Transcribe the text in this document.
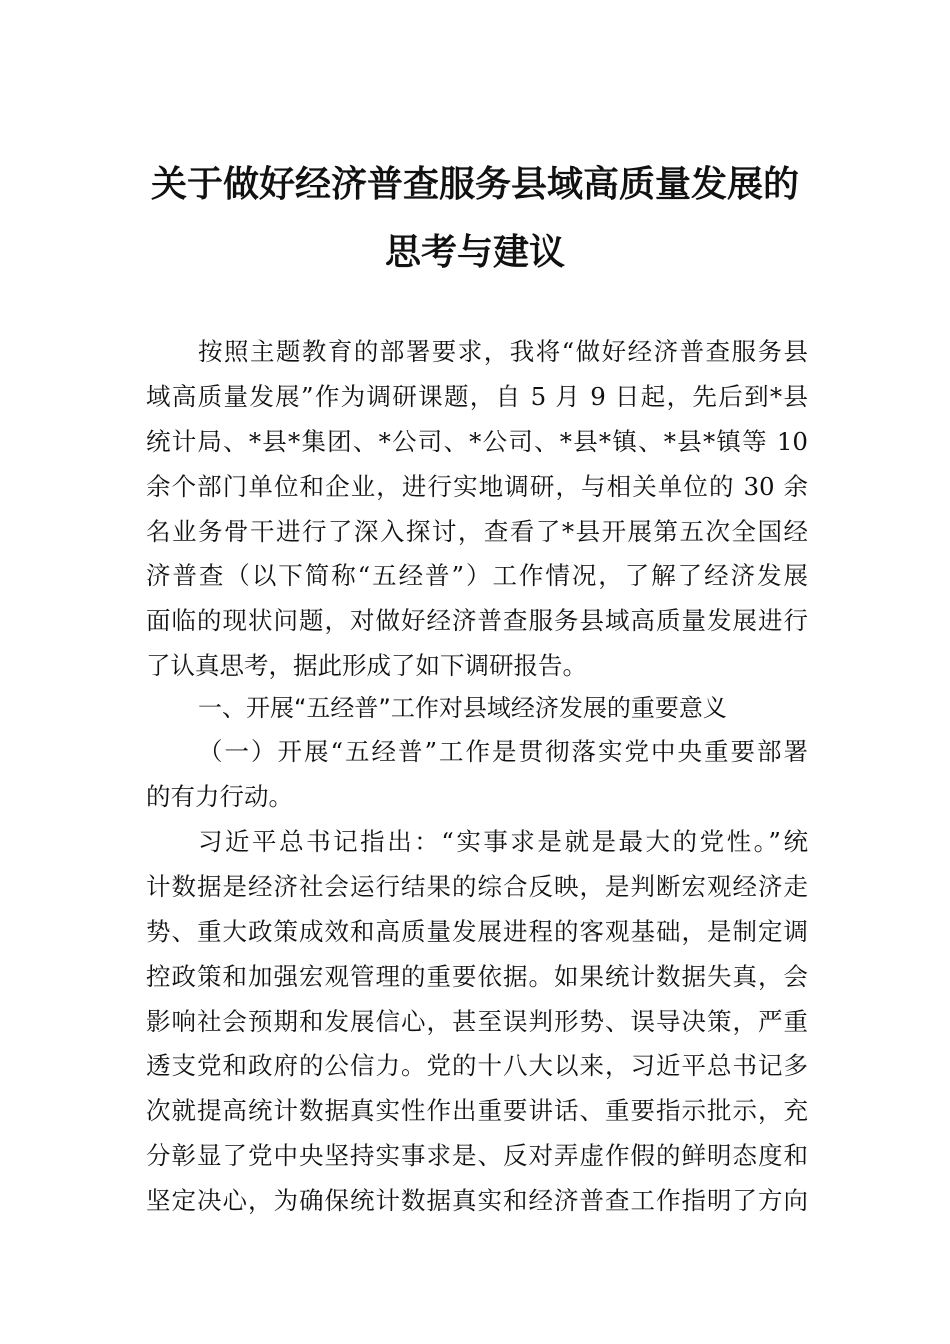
关于做好经济普查服务县域高质量发展的
思考与建议
按照主题教育的部署要求，我将“做好经济普查服务县
域高质量发展”作为调研课题，自 5 月 9 日起，先后到*县
统计局、*县*集团、*公司、*公司、*县*镇、*县*镇等 10
余个部门单位和企业，进行实地调研，与相关单位的 30 余
名业务骨干进行了深入探讨，查看了*县开展第五次全国经
济普查（以下简称“五经普”）工作情况，了解了经济发展
面临的现状问题，对做好经济普查服务县域高质量发展进行
了认真思考，据此形成了如下调研报告。
一、开展“五经普”工作对县域经济发展的重要意义
（一）开展“五经普”工作是贯彻落实党中央重要部署
的有力行动。
习近平总书记指出：“实事求是就是最大的党性。”统
计数据是经济社会运行结果的综合反映，是判断宏观经济走
势、重大政策成效和高质量发展进程的客观基础，是制定调
控政策和加强宏观管理的重要依据。如果统计数据失真，会
影响社会预期和发展信心，甚至误判形势、误导决策，严重
透支党和政府的公信力。党的十八大以来，习近平总书记多
次就提高统计数据真实性作出重要讲话、重要指示批示，充
分彰显了党中央坚持实事求是、反对弄虚作假的鲜明态度和
坚定决心，为确保统计数据真实和经济普查工作指明了方向
